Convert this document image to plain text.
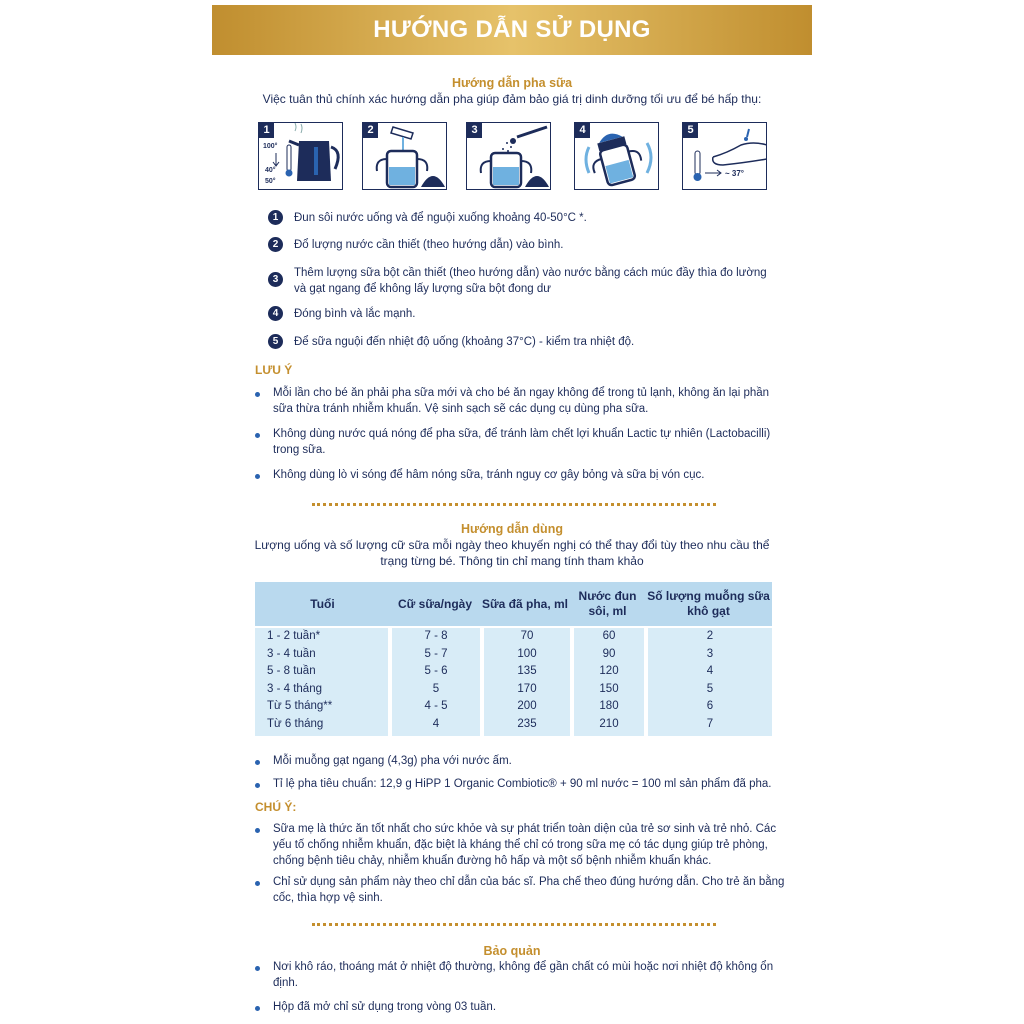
HƯỚNG DẪN SỬ DỤNG
Hướng dẫn pha sữa
Việc tuân thủ chính xác hướng dẫn pha giúp đảm bảo giá trị dinh dưỡng tối ưu để bé hấp thụ:
1
100°
40°
50°
2	3	4	5
~ 37°
1	Đun sôi nước uống và để nguội xuống khoảng 40-50°C *.
2	Đổ lượng nước cần thiết (theo hướng dẫn) vào bình.
3
Thêm lượng sữa bột cần thiết (theo hướng dẫn) vào nước bằng cách múc đầy thìa đo lường và gạt ngang để không lấy lượng sữa bột đong dư
4	Đóng bình và lắc mạnh.
5	Để sữa nguội đến nhiệt độ uống (khoảng 37°C) - kiểm tra nhiệt độ.
LƯU Ý
Mỗi lần cho bé ăn phải pha sữa mới và cho bé ăn ngay không để trong tủ lạnh, không ăn lại phần sữa thừa tránh nhiễm khuẩn. Vệ sinh sạch sẽ các dụng cụ dùng pha sữa.
Không dùng nước quá nóng để pha sữa, để tránh làm chết lợi khuẩn Lactic tự nhiên (Lactobacilli) trong sữa.
Không dùng lò vi sóng để hâm nóng sữa, tránh nguy cơ gây bỏng và sữa bị vón cục.
Hướng dẫn dùng
Lượng uống và số lượng cữ sữa mỗi ngày theo khuyến nghị có thể thay đổi tùy theo nhu cầu thể trạng từng bé. Thông tin chỉ mang tính tham khảo
Tuổi	Cữ sữa/ngày	Sữa đã pha, ml	Nước đun sôi, ml	Số lượng muỗng sữa khô gạt
1 - 2 tuần*	7 - 8	70	60	2
3 - 4 tuần	5 - 7	100	90	3
5 - 8 tuần	5 - 6	135	120	4
3 - 4 tháng	5	170	150	5
Từ 5 tháng**	4 - 5	200	180	6
Từ 6 tháng	4	235	210	7
Mỗi muỗng gạt ngang (4,3g) pha với nước ấm.
Tỉ lệ pha tiêu chuẩn: 12,9 g HiPP 1 Organic Combiotic® + 90 ml nước = 100 ml sản phẩm đã pha.
CHÚ Ý:
Sữa mẹ là thức ăn tốt nhất cho sức khỏe và sự phát triển toàn diện của trẻ sơ sinh và trẻ nhỏ. Các yếu tố chống nhiễm khuẩn, đặc biệt là kháng thể chỉ có trong sữa mẹ có tác dụng giúp trẻ phòng, chống bệnh tiêu chảy, nhiễm khuẩn đường hô hấp và một số bệnh nhiễm khuẩn khác.
Chỉ sử dụng sản phẩm này theo chỉ dẫn của bác sĩ. Pha chế theo đúng hướng dẫn. Cho trẻ ăn bằng cốc, thìa hợp vệ sinh.
Bảo quản
Nơi khô ráo, thoáng mát ở nhiệt độ thường, không để gần chất có mùi hoặc nơi nhiệt độ không ổn định.
Hộp đã mở chỉ sử dụng trong vòng 03 tuần.
